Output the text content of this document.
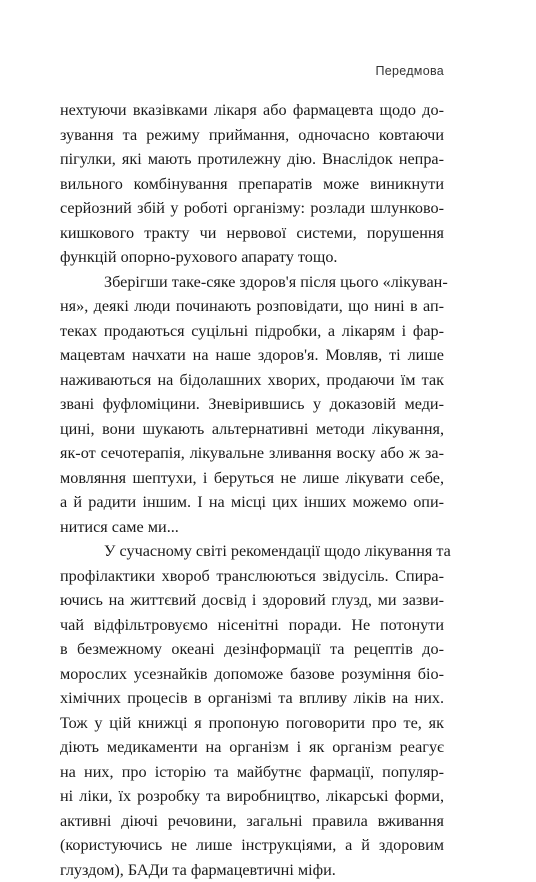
Передмова
нехтуючи вказівками лікаря або фармацевта щодо до-
зування та режиму приймання, одночасно ковтаючи
пігулки, які мають протилежну дію. Внаслідок непра-
вильного комбінування препаратів може виникнути
серйозний збій у роботі організму: розлади шлунково-
кишкового тракту чи нервової системи, порушення
функцій опорно-рухового апарату тощо.
Зберігши таке-сяке здоров'я після цього «лікуван-
ня», деякі люди починають розповідати, що нині в ап-
теках продаються суцільні підробки, а лікарям і фар-
мацевтам начхати на наше здоров'я. Мовляв, ті лише
наживаються на бідолашних хворих, продаючи їм так
звані фуфломіцини. Зневірившись у доказовій меди-
цині, вони шукають альтернативні методи лікування,
як-от сечотерапія, лікувальне зливання воску або ж за-
мовляння шептухи, і беруться не лише лікувати себе,
а й радити іншим. І на місці цих інших можемо опи-
нитися саме ми...
У сучасному світі рекомендації щодо лікування та
профілактики хвороб транслюються звідусіль. Спира-
ючись на життєвий досвід і здоровий глузд, ми зазви-
чай відфільтровуємо нісенітні поради. Не потонути
в безмежному океані дезінформації та рецептів до-
морослих усезнайків допоможе базове розуміння біо-
хімічних процесів в організмі та впливу ліків на них.
Тож у цій книжці я пропоную поговорити про те, як
діють медикаменти на організм і як організм реагує
на них, про історію та майбутнє фармації, популяр-
ні ліки, їх розробку та виробництво, лікарські форми,
активні діючі речовини, загальні правила вживання
(користуючись не лише інструкціями, а й здоровим
глуздом), БАДи та фармацевтичні міфи.
